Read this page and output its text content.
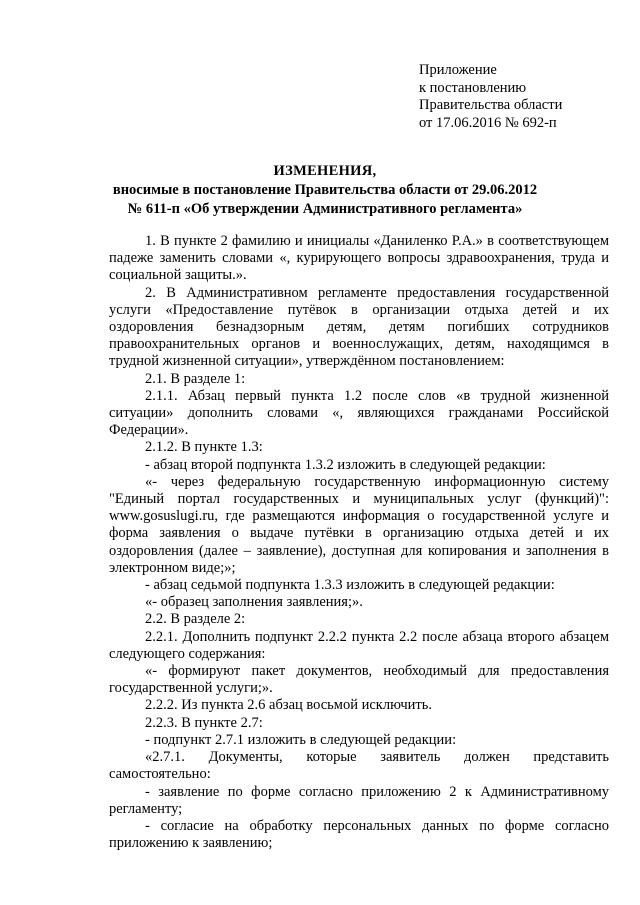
Приложение
к постановлению
Правительства области
от 17.06.2016 № 692-п
ИЗМЕНЕНИЯ,
вносимые в постановление Правительства области от 29.06.2012
№ 611-п «Об утверждении Административного регламента»

1. В пункте 2 фамилию и инициалы «Даниленко Р.А.» в соответствующем падеже заменить словами «, курирующего вопросы здравоохранения, труда и социальной защиты.».

2. В Административном регламенте предоставления государственной услуги «Предоставление путёвок в организации отдыха детей и их оздоровления безнадзорным детям, детям погибших сотрудников правоохранительных органов и военнослужащих, детям, находящимся в трудной жизненной ситуации», утверждённом постановлением:

2.1. В разделе 1:

2.1.1. Абзац первый пункта 1.2 после слов «в трудной жизненной ситуации» дополнить словами «, являющихся гражданами Российской Федерации».

2.1.2. В пункте 1.3:

- абзац второй подпункта 1.3.2 изложить в следующей редакции:

«- через федеральную государственную информационную систему "Единый портал государственных и муниципальных услуг (функций)": www.gosuslugi.ru, где размещаются информация о государственной услуге и форма заявления о выдаче путёвки в организацию отдыха детей и их оздоровления (далее – заявление), доступная для копирования и заполнения в электронном виде;»;

- абзац седьмой подпункта 1.3.3 изложить в следующей редакции:

«- образец заполнения заявления;».

2.2. В разделе 2:

2.2.1. Дополнить подпункт 2.2.2 пункта 2.2 после абзаца второго абзацем следующего содержания:

«- формируют пакет документов, необходимый для предоставления государственной услуги;».

2.2.2. Из пункта 2.6 абзац восьмой исключить.

2.2.3. В пункте 2.7:

- подпункт 2.7.1 изложить в следующей редакции:

«2.7.1. Документы, которые заявитель должен представить самостоятельно:

- заявление по форме согласно приложению 2 к Административному регламенту;

- согласие на обработку персональных данных по форме согласно приложению к заявлению;
